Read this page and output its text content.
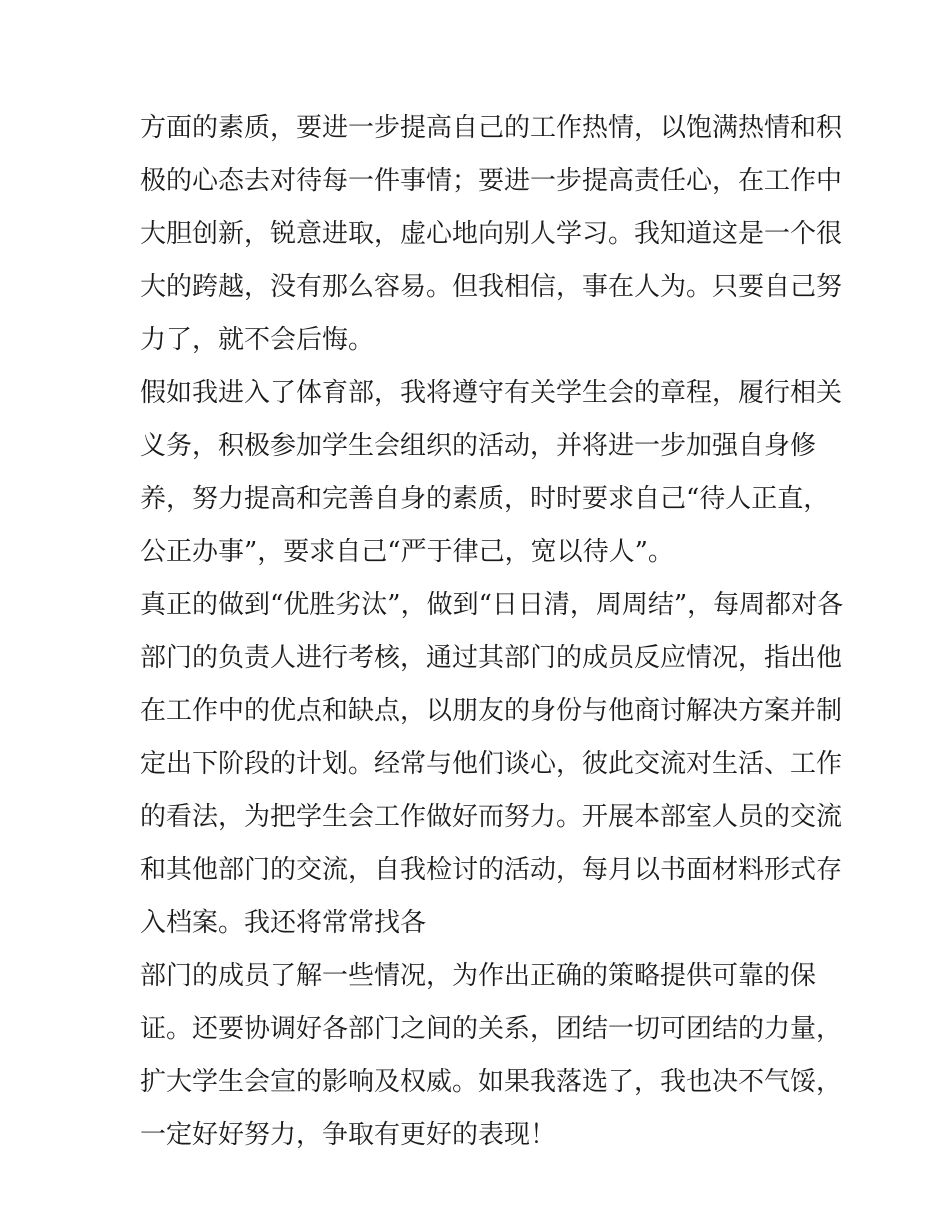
方面的素质，要进一步提高自己的工作热情，以饱满热情和积
极的心态去对待每一件事情；要进一步提高责任心，在工作中
大胆创新，锐意进取，虚心地向别人学习。我知道这是一个很
大的跨越，没有那么容易。但我相信，事在人为。只要自己努
力了，就不会后悔。
假如我进入了体育部，我将遵守有关学生会的章程，履行相关
义务，积极参加学生会组织的活动，并将进一步加强自身修
养，努力提高和完善自身的素质，时时要求自己“待人正直，
公正办事”，要求自己“严于律己，宽以待人”。
真正的做到“优胜劣汰”，做到“日日清，周周结”，每周都对各
部门的负责人进行考核，通过其部门的成员反应情况，指出他
在工作中的优点和缺点，以朋友的身份与他商讨解决方案并制
定出下阶段的计划。经常与他们谈心，彼此交流对生活、工作
的看法，为把学生会工作做好而努力。开展本部室人员的交流
和其他部门的交流，自我检讨的活动，每月以书面材料形式存
入档案。我还将常常找各
部门的成员了解一些情况，为作出正确的策略提供可靠的保
证。还要协调好各部门之间的关系，团结一切可团结的力量，
扩大学生会宣的影响及权威。如果我落选了，我也决不气馁，
一定好好努力，争取有更好的表现！
